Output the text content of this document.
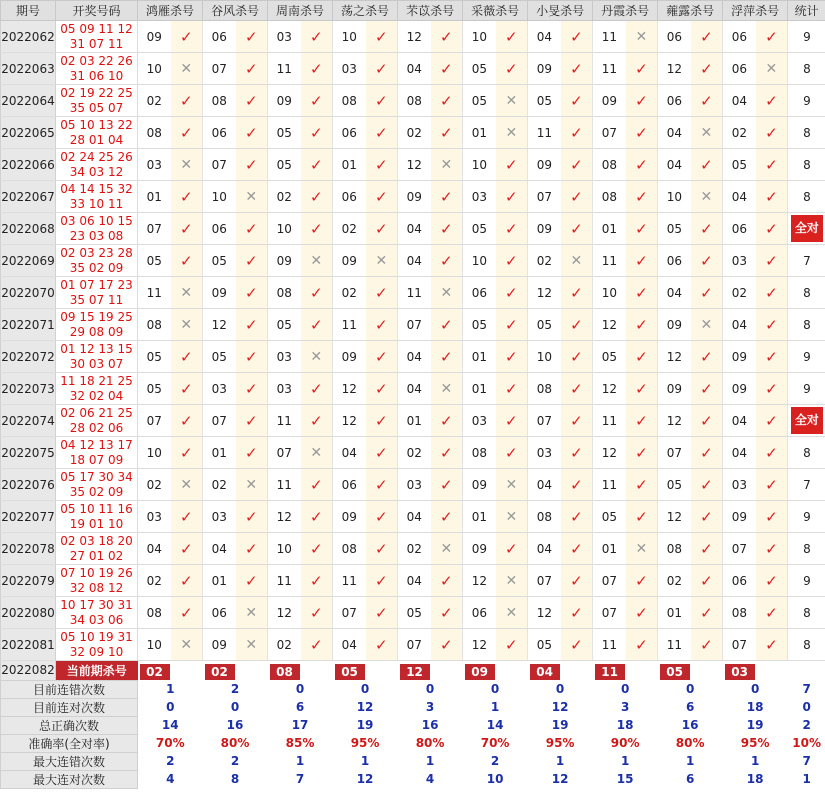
期号	开奖号码	鸿雁杀号		谷风杀号		周南杀号		荡之杀号		芣苡杀号		采薇杀号		小旻杀号		丹霞杀号		蕹露杀号		浮萍杀号		统计
2022062	05 09 11 12
31 07 11	09	✓	06	✓	03	✓	10	✓	12	✓	10	✓	04	✓	11	✕	06	✓	06	✓	9
2022063	02 03 22 26
31 06 10	10	✕	07	✓	11	✓	03	✓	04	✓	05	✓	09	✓	11	✓	12	✓	06	✕	8
2022064	02 19 22 25
35 05 07	02	✓	08	✓	09	✓	08	✓	08	✓	05	✕	05	✓	09	✓	06	✓	04	✓	9
2022065	05 10 13 22
28 01 04	08	✓	06	✓	05	✓	06	✓	02	✓	01	✕	11	✓	07	✓	04	✕	02	✓	8
2022066	02 24 25 26
34 03 12	03	✕	07	✓	05	✓	01	✓	12	✕	10	✓	09	✓	08	✓	04	✓	05	✓	8
2022067	04 14 15 32
33 10 11	01	✓	10	✕	02	✓	06	✓	09	✓	03	✓	07	✓	08	✓	10	✕	04	✓	8
2022068	03 06 10 15
23 03 08	07	✓	06	✓	10	✓	02	✓	04	✓	05	✓	09	✓	01	✓	05	✓	06	✓	全对
2022069	02 03 23 28
35 02 09	05	✓	05	✓	09	✕	09	✕	04	✓	10	✓	02	✕	11	✓	06	✓	03	✓	7
2022070	01 07 17 23
35 07 11	11	✕	09	✓	08	✓	02	✓	11	✕	06	✓	12	✓	10	✓	04	✓	02	✓	8
2022071	09 15 19 25
29 08 09	08	✕	12	✓	05	✓	11	✓	07	✓	05	✓	05	✓	12	✓	09	✕	04	✓	8
2022072	01 12 13 15
30 03 07	05	✓	05	✓	03	✕	09	✓	04	✓	01	✓	10	✓	05	✓	12	✓	09	✓	9
2022073	11 18 21 25
32 02 04	05	✓	03	✓	03	✓	12	✓	04	✕	01	✓	08	✓	12	✓	09	✓	09	✓	9
2022074	02 06 21 25
28 02 06	07	✓	07	✓	11	✓	12	✓	01	✓	03	✓	07	✓	11	✓	12	✓	04	✓	全对
2022075	04 12 13 17
18 07 09	10	✓	01	✓	07	✕	04	✓	02	✓	08	✓	03	✓	12	✓	07	✓	04	✓	8
2022076	05 17 30 34
35 02 09	02	✕	02	✕	11	✓	06	✓	03	✓	09	✕	04	✓	11	✓	05	✓	03	✓	7
2022077	05 10 11 16
19 01 10	03	✓	03	✓	12	✓	09	✓	04	✓	01	✕	08	✓	05	✓	12	✓	09	✓	9
2022078	02 03 18 20
27 01 02	04	✓	04	✓	10	✓	08	✓	02	✕	09	✓	04	✓	01	✕	08	✓	07	✓	8
2022079	07 10 19 26
32 08 12	02	✓	01	✓	11	✓	11	✓	04	✓	12	✕	07	✓	07	✓	02	✓	06	✓	9
2022080	10 17 30 31
34 03 06	08	✓	06	✕	12	✓	07	✓	05	✓	06	✕	12	✓	07	✓	01	✓	08	✓	8
2022081	05 10 19 31
32 09 10	10	✕	09	✕	02	✓	04	✓	07	✓	12	✓	05	✓	11	✓	11	✓	07	✓	8
2022082	当前期杀号	02		02		08		05		12		09		04		11		05		03		
目前连错次数		1		2		0		0		0		0		0		0		0		0		7
目前连对次数		0		0		6		12		3		1		12		3		6		18		0
总正确次数		14		16		17		19		16		14		19		18		16		19		2
准确率(全对率)		70%		80%		85%		95%		80%		70%		95%		90%		80%		95%		10%
最大连错次数		2		2		1		1		1		2		1		1		1		1		7
最大连对次数		4		8		7		12		4		10		12		15		6		18		1
